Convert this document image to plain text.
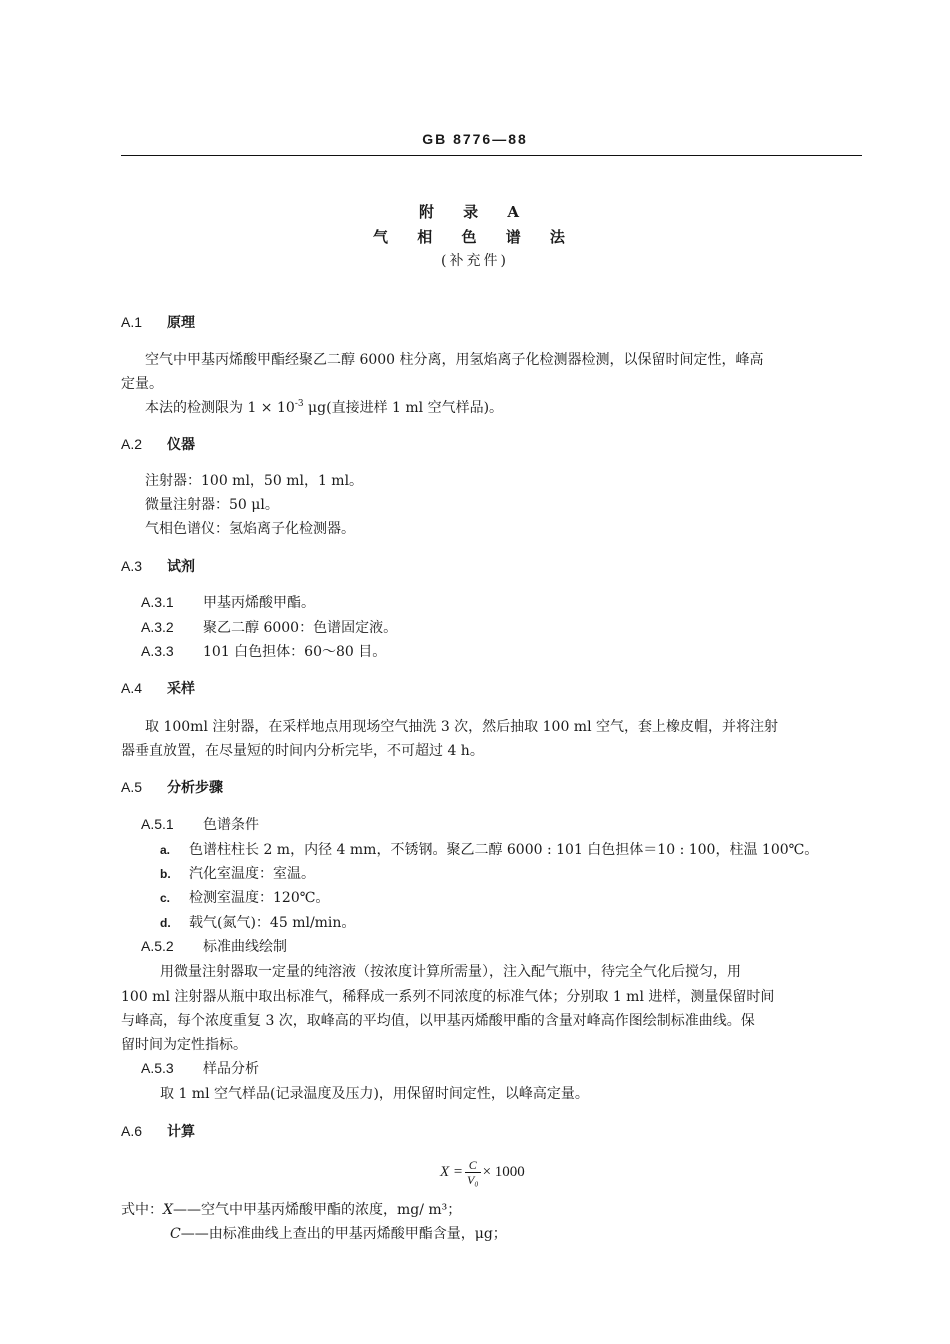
GB 8776—88
附 录 A
气 相 色 谱 法
(补充件)
A.1 原理
空气中甲基丙烯酸甲酯经聚乙二醇 6000 柱分离，用氢焰离子化检测器检测，以保留时间定性，峰高
定量。
本法的检测限为 $1 \times 10^{-3}$ μg(直接进样 1 ml 空气样品)。
A.2 仪器
注射器：100 ml，50 ml，1 ml。
微量注射器：50 μl。
气相色谱仪：氢焰离子化检测器。
A.3 试剂
A.3.1 甲基丙烯酸甲酯。
A.3.2 聚乙二醇 6000：色谱固定液。
A.3.3 101 白色担体：60～80 目。
A.4 采样
取 100ml 注射器，在采样地点用现场空气抽洗 3 次，然后抽取 100 ml 空气，套上橡皮帽，并将注射
器垂直放置，在尽量短的时间内分析完毕，不可超过 4 h。
A.5 分析步骤
A.5.1 色谱条件
a. 色谱柱柱长 2 m，内径 4 mm，不锈钢。聚乙二醇 6000 : 101 白色担体＝10 : 100，柱温 100℃。
b. 汽化室温度：室温。
c. 检测室温度：120℃。
d. 载气(氮气)：45 ml/min。
A.5.2 标准曲线绘制
用微量注射器取一定量的纯溶液（按浓度计算所需量），注入配气瓶中，待完全气化后搅匀，用
100 ml 注射器从瓶中取出标准气，稀释成一系列不同浓度的标准气体；分别取 1 ml 进样，测量保留时间
与峰高，每个浓度重复 3 次，取峰高的平均值，以甲基丙烯酸甲酯的含量对峰高作图绘制标准曲线。保
留时间为定性指标。
A.5.3 样品分析
取 1 ml 空气样品(记录温度及压力)，用保留时间定性，以峰高定量。
A.6 计算
$X = \frac{C}{\text{V₀}} \times 1000$
式中：X——空气中甲基丙烯酸甲酯的浓度，mg/ m³；
C——由标准曲线上查出的甲基丙烯酸甲酯含量，μg；
